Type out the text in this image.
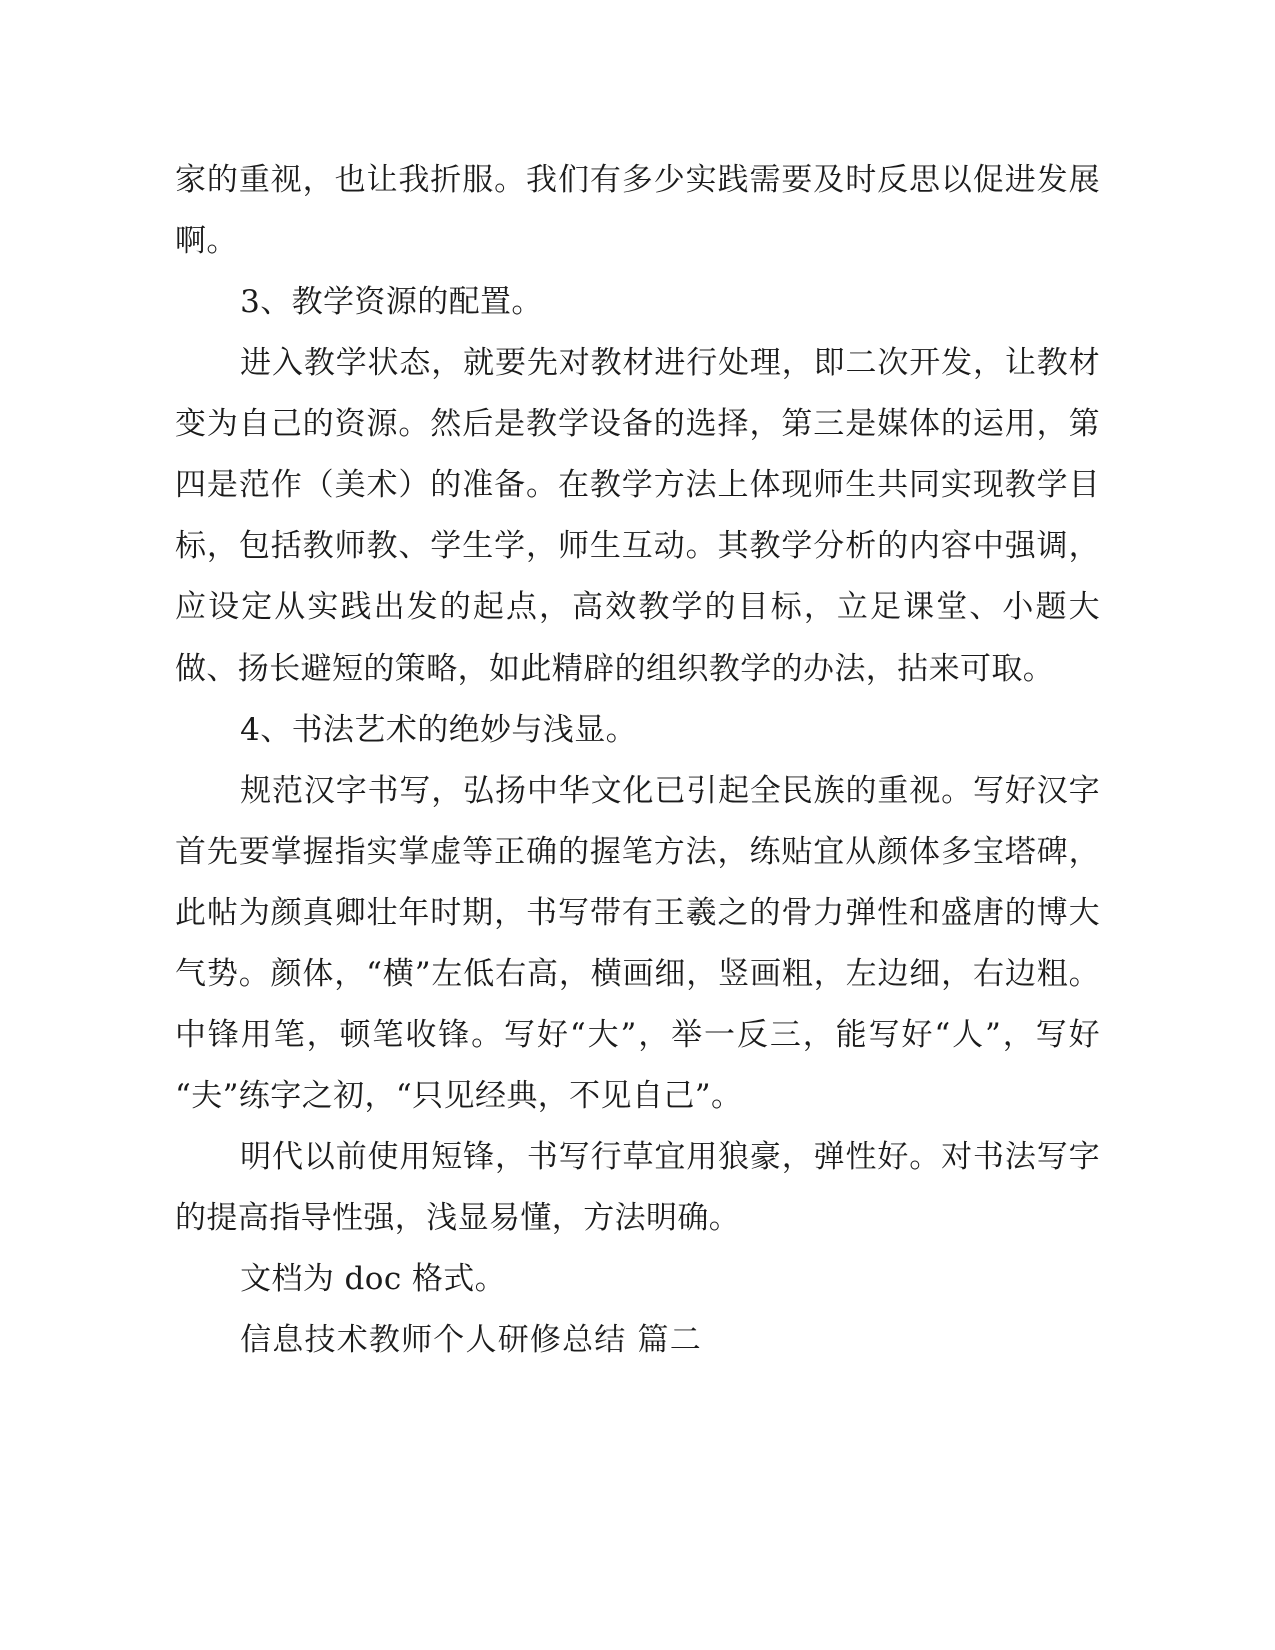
家的重视，也让我折服。我们有多少实践需要及时反思以促进发展啊。

3、教学资源的配置。

进入教学状态，就要先对教材进行处理，即二次开发，让教材变为自己的资源。然后是教学设备的选择，第三是媒体的运用，第四是范作（美术）的准备。在教学方法上体现师生共同实现教学目标，包括教师教、学生学，师生互动。其教学分析的内容中强调，应设定从实践出发的起点，高效教学的目标，立足课堂、小题大做、扬长避短的策略，如此精辟的组织教学的办法，拈来可取。

4、书法艺术的绝妙与浅显。

规范汉字书写，弘扬中华文化已引起全民族的重视。写好汉字首先要掌握指实掌虚等正确的握笔方法，练贴宜从颜体多宝塔碑，此帖为颜真卿壮年时期，书写带有王羲之的骨力弹性和盛唐的博大气势。颜体，“横”左低右高，横画细，竖画粗，左边细，右边粗。中锋用笔，顿笔收锋。写好“大”，举一反三，能写好“人”，写好“夫”练字之初，“只见经典，不见自己”。

明代以前使用短锋，书写行草宜用狼豪，弹性好。对书法写字的提高指导性强，浅显易懂，方法明确。

文档为 doc 格式。

信息技术教师个人研修总结 篇二
